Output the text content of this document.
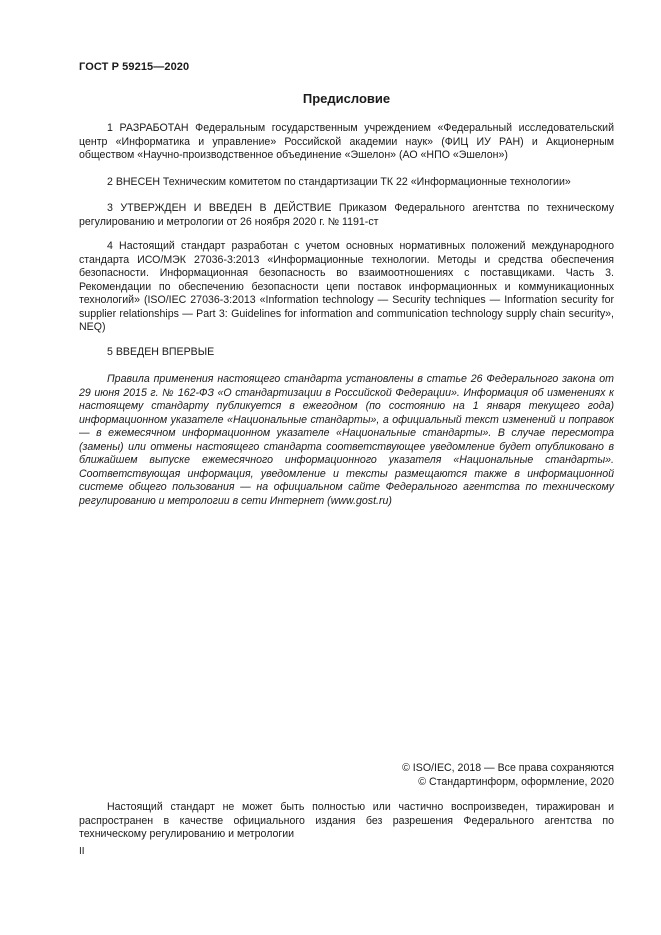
ГОСТ Р 59215—2020
Предисловие

1 РАЗРАБОТАН Федеральным государственным учреждением «Федеральный исследовательский центр «Информатика и управление» Российской академии наук» (ФИЦ ИУ РАН) и Акционерным обществом «Научно-производственное объединение «Эшелон» (АО «НПО «Эшелон»)

2 ВНЕСЕН Техническим комитетом по стандартизации ТК 22 «Информационные технологии»

3 УТВЕРЖДЕН И ВВЕДЕН В ДЕЙСТВИЕ Приказом Федерального агентства по техническому регулированию и метрологии от 26 ноября 2020 г. № 1191-ст

4 Настоящий стандарт разработан с учетом основных нормативных положений международного стандарта ИСО/МЭК 27036-3:2013 «Информационные технологии. Методы и средства обеспечения безопасности. Информационная безопасность во взаимоотношениях с поставщиками. Часть 3. Рекомендации по обеспечению безопасности цепи поставок информационных и коммуникационных технологий» (ISO/IEC 27036-3:2013 «Information technology — Security techniques — Information security for supplier relationships — Part 3: Guidelines for information and communication technology supply chain security», NEQ)

5 ВВЕДЕН ВПЕРВЫЕ

Правила применения настоящего стандарта установлены в статье 26 Федерального закона от 29 июня 2015 г. № 162-ФЗ «О стандартизации в Российской Федерации». Информация об изменениях к настоящему стандарту публикуется в ежегодном (по состоянию на 1 января текущего года) информационном указателе «Национальные стандарты», а официальный текст изменений и поправок — в ежемесячном информационном указателе «Национальные стандарты». В случае пересмотра (замены) или отмены настоящего стандарта соответствующее уведомление будет опубликовано в ближайшем выпуске ежемесячного информационного указателя «Национальные стандарты». Соответствующая информация, уведомление и тексты размещаются также в информационной системе общего пользования — на официальном сайте Федерального агентства по техническому регулированию и метрологии в сети Интернет (www.gost.ru)

© ISO/IEC, 2018 — Все права сохраняются
© Стандартинформ, оформление, 2020

Настоящий стандарт не может быть полностью или частично воспроизведен, тиражирован и распространен в качестве официального издания без разрешения Федерального агентства по техническому регулированию и метрологии

II
